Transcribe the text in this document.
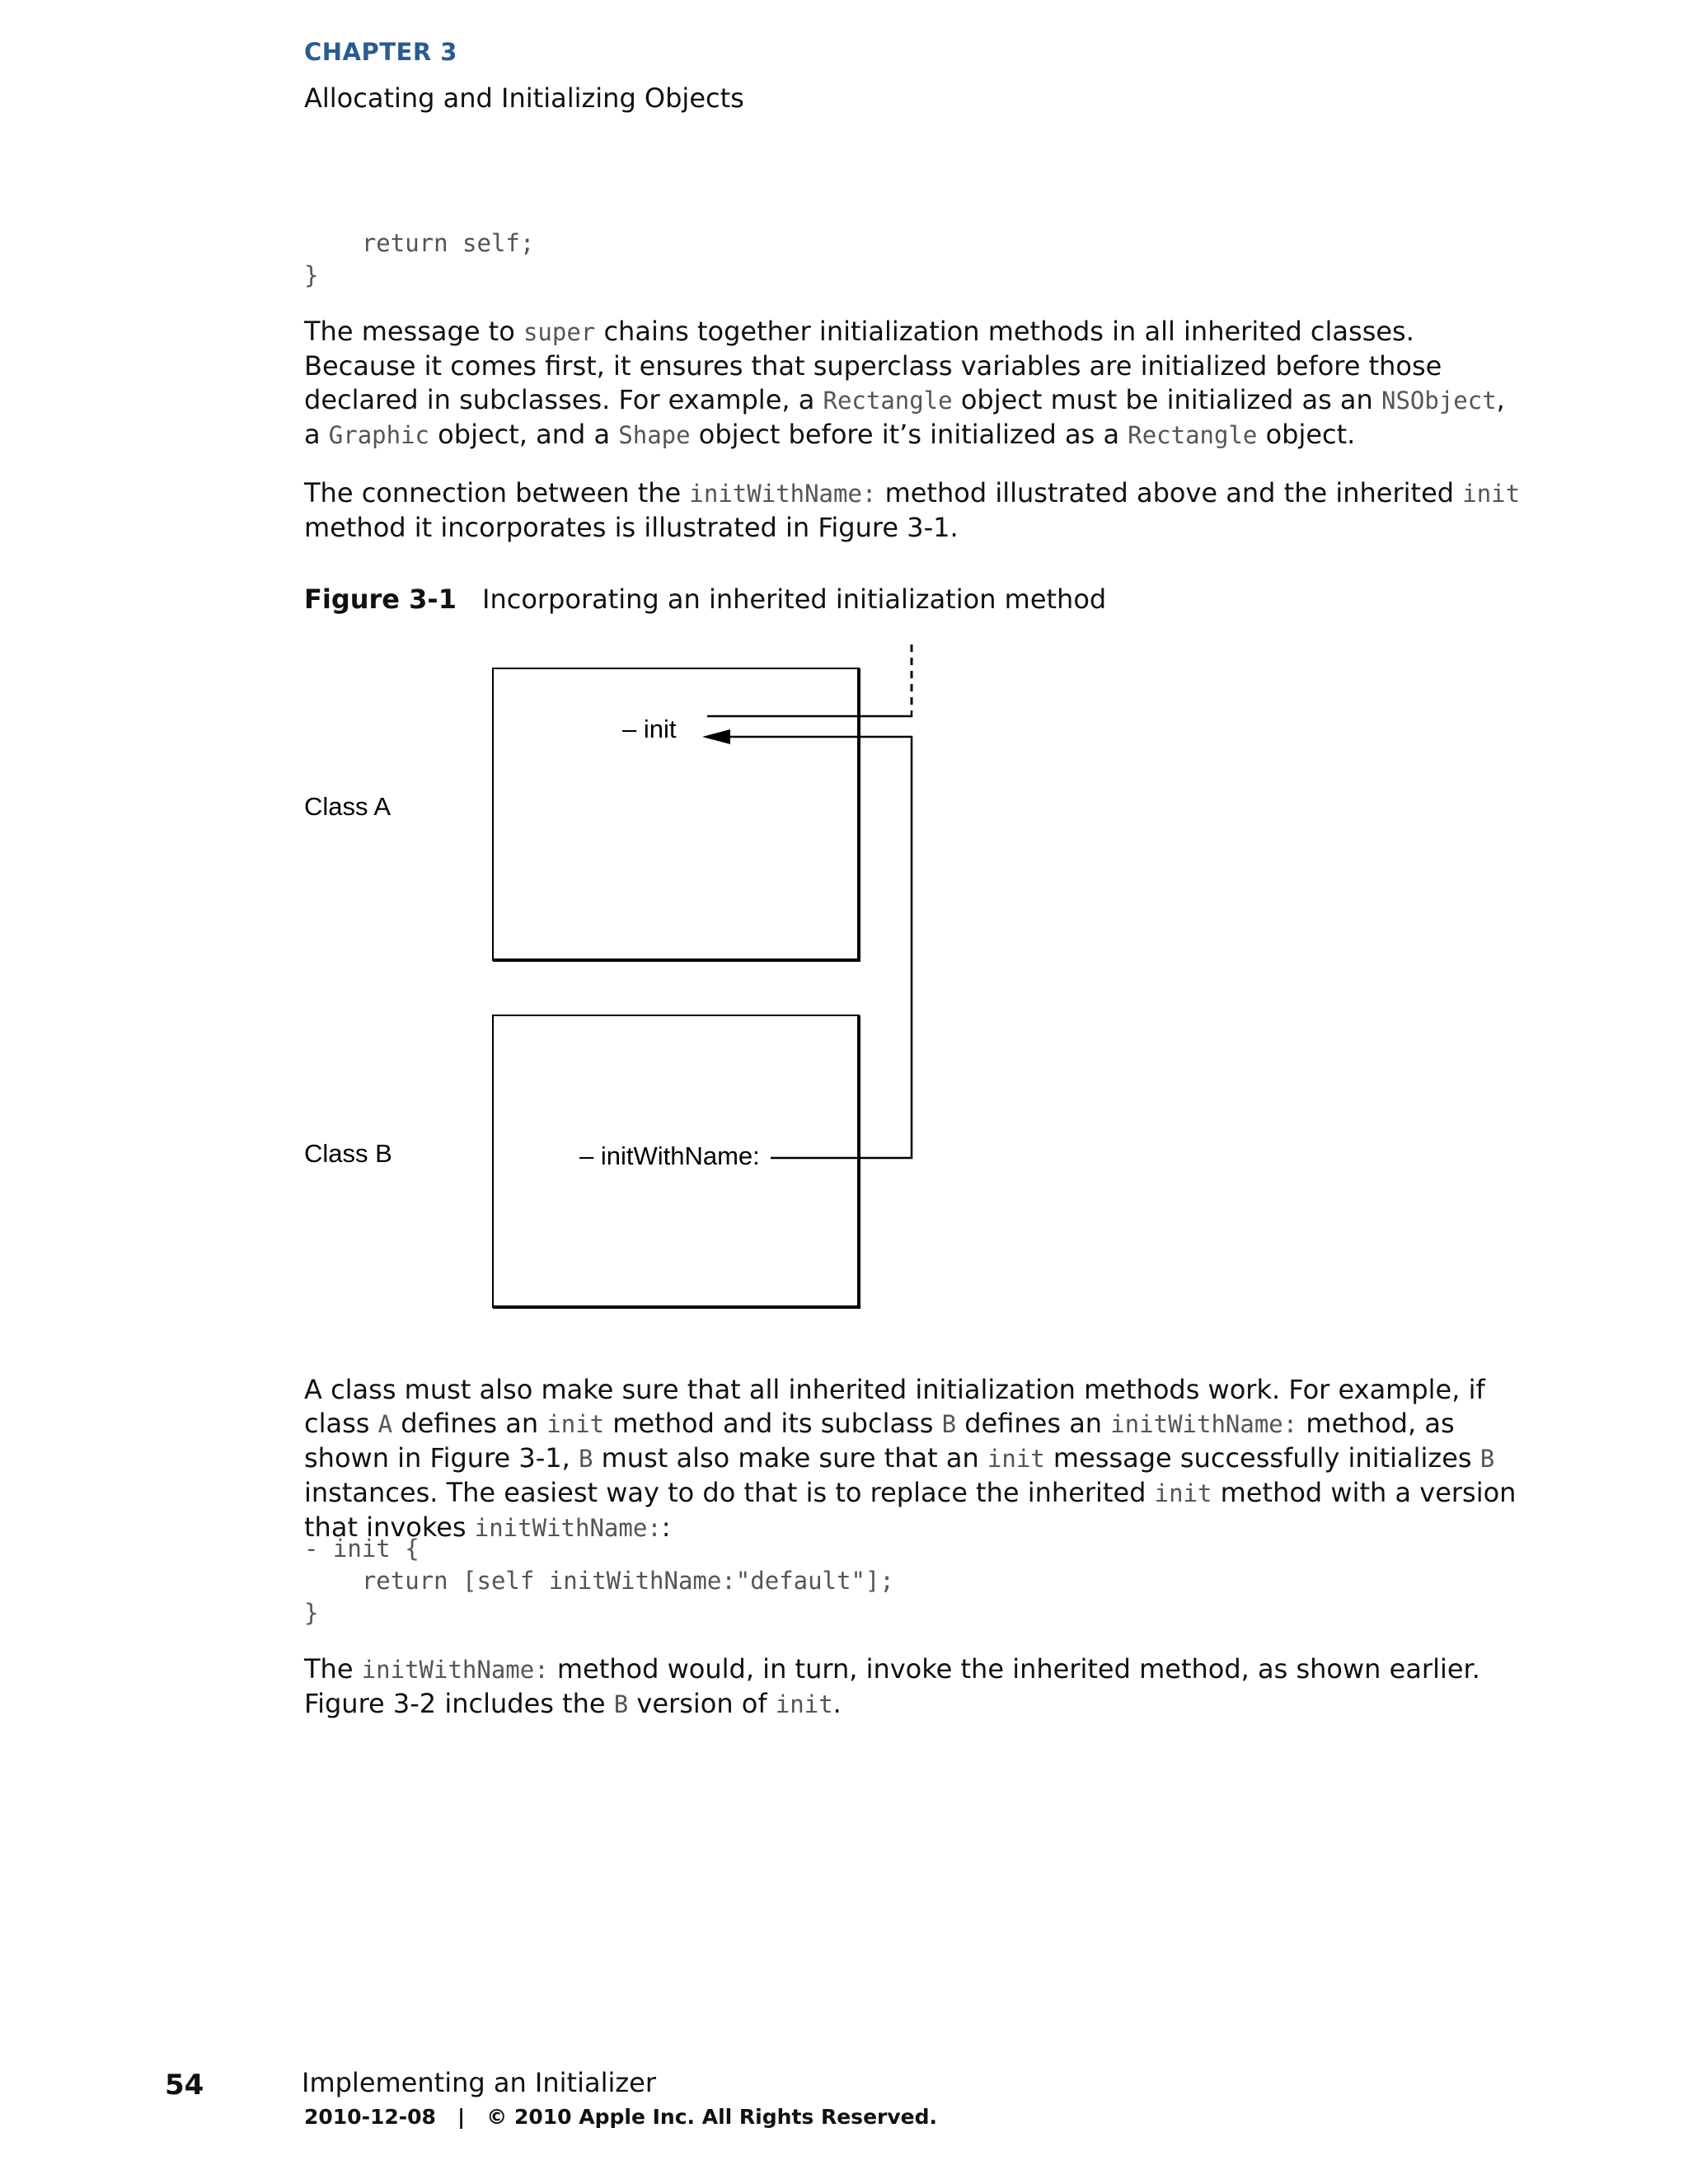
CHAPTER 3
Allocating and Initializing Objects
return self;
}

The message to super chains together initialization methods in all inherited classes. Because it comes first, it ensures that superclass variables are initialized before those declared in subclasses. For example, a Rectangle object must be initialized as an NSObject, a Graphic object, and a Shape object before it’s initialized as a Rectangle object.

The connection between the initWithName: method illustrated above and the inherited init method it incorporates is illustrated in Figure 3-1.

Figure 3-1 Incorporating an inherited initialization method
– init
– initWithName:
Class A
Class B

A class must also make sure that all inherited initialization methods work. For example, if class A defines an init method and its subclass B defines an initWithName: method, as shown in Figure 3-1, B must also make sure that an init message successfully initializes B instances. The easiest way to do that is to replace the inherited init method with a version that invokes initWithName::

- init {
return [self initWithName:"default"];
}

The initWithName: method would, in turn, invoke the inherited method, as shown earlier. Figure 3-2 includes the B version of init.

54	Implementing an Initializer
2010-12-08   |   © 2010 Apple Inc. All Rights Reserved.
